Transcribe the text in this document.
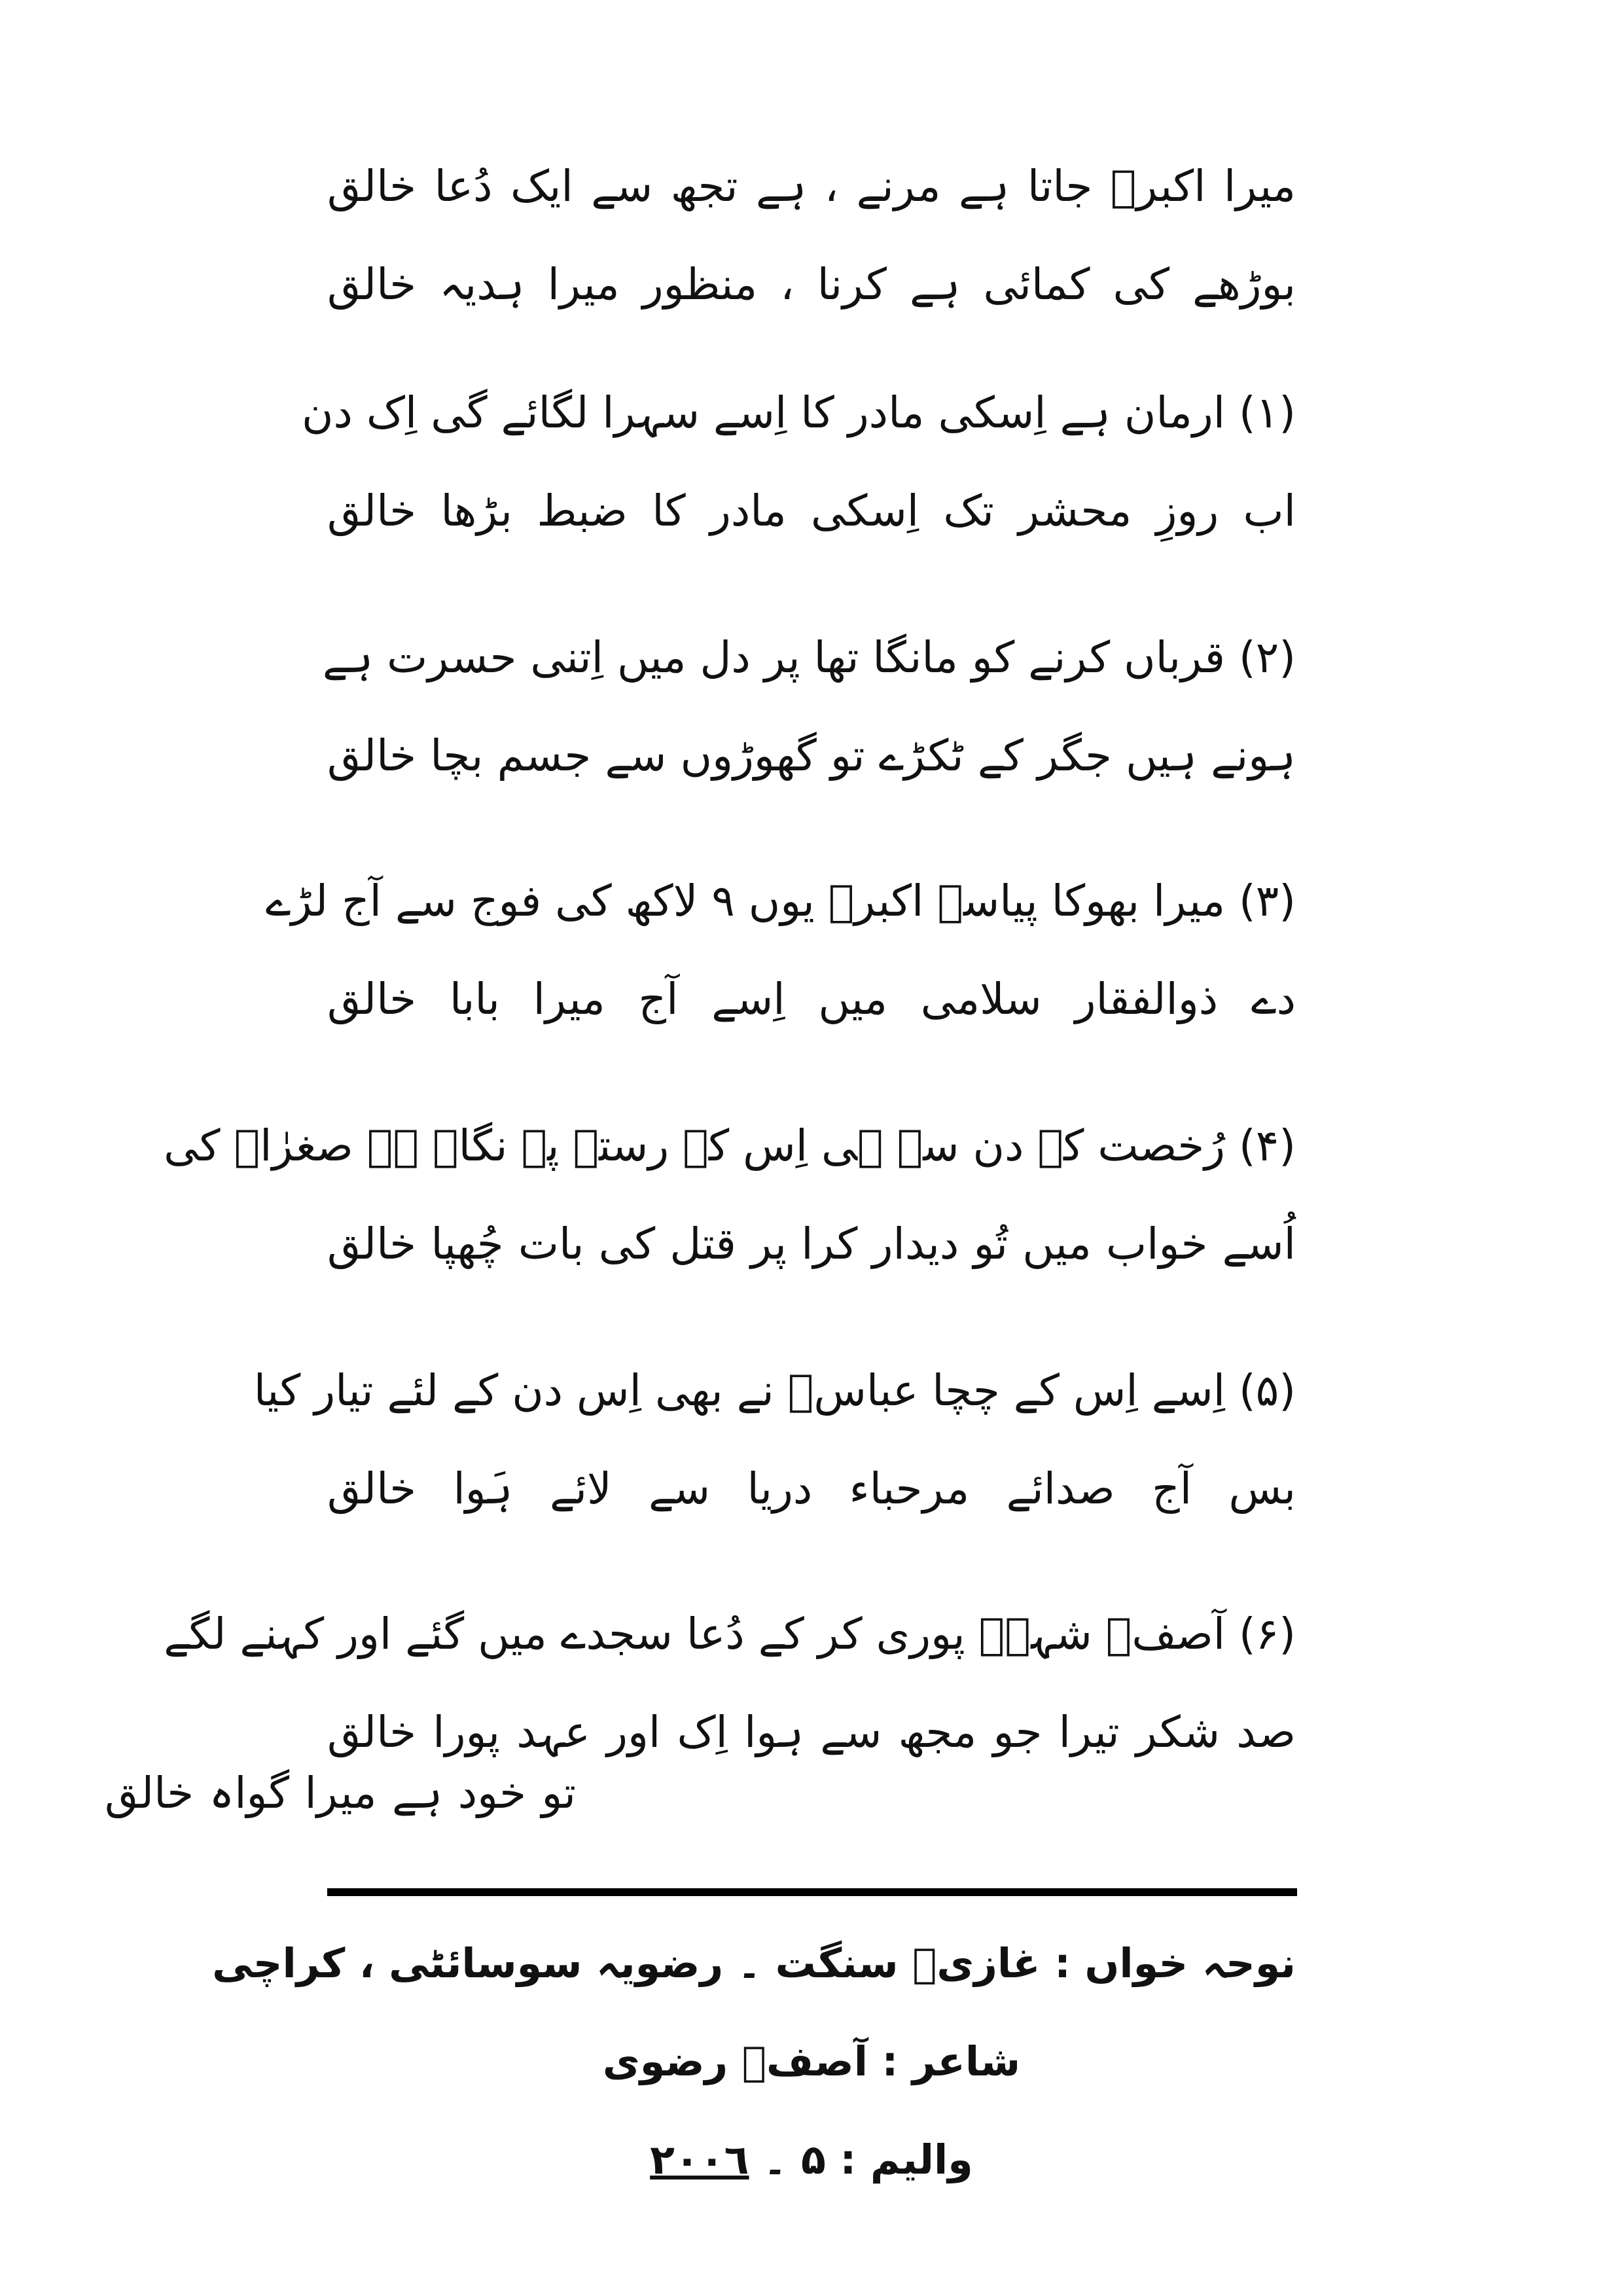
میرا اکبرؑ جاتا ہے مرنے ، ہے تجھ سے ایک دُعا خالق
بوڑھے کی کمائی ہے کرنا ، منظور میرا ہدیہ خالق
(۱) ارمان ہے اِسکی مادر کا اِسے سہرا لگائے گی اِک دن
اب روزِ محشر تک اِسکی مادر کا ضبط بڑھا خالق
(۲) قرباں کرنے کو مانگا تھا پر دل میں اِتنی حسرت ہے
ہونے ہیں جگر کے ٹکڑے تو گھوڑوں سے جسم بچا خالق
(۳) میرا بھوکا پیاسہ اکبرؑ یوں ۹ لاکھ کی فوج سے آج لڑے
دے ذوالفقار سلامی میں اِسے آج میرا بابا خالق
(۴) رُخصت کے دن سے ہی اِس کے رستے پہ نگاہ ہے صغرٰاؑ کی
اُسے خواب میں تُو دیدار کرا پر قتل کی بات چُھپا خالق
(۵) اِسے اِس کے چچا عباسؑ نے بھی اِس دن کے لئے تیار کیا
بس آج صدائے مرحباء دریا سے لائے ہَوا خالق
(۶) آصفؔ شہہؑ پوری کر کے دُعا سجدے میں گئے اور کہنے لگے
صد شکر تیرا جو مجھ سے ہوا اِک اور عہد پورا خالق
تو خود ہے میرا گواہ خالق
نوحہ خواں : غازیؑ سنگت ۔ رضویہ سوسائٹی ، کراچی
شاعر : آصفؔ رضوی
والیم : ۵ ۔ ۲۰۰٦
